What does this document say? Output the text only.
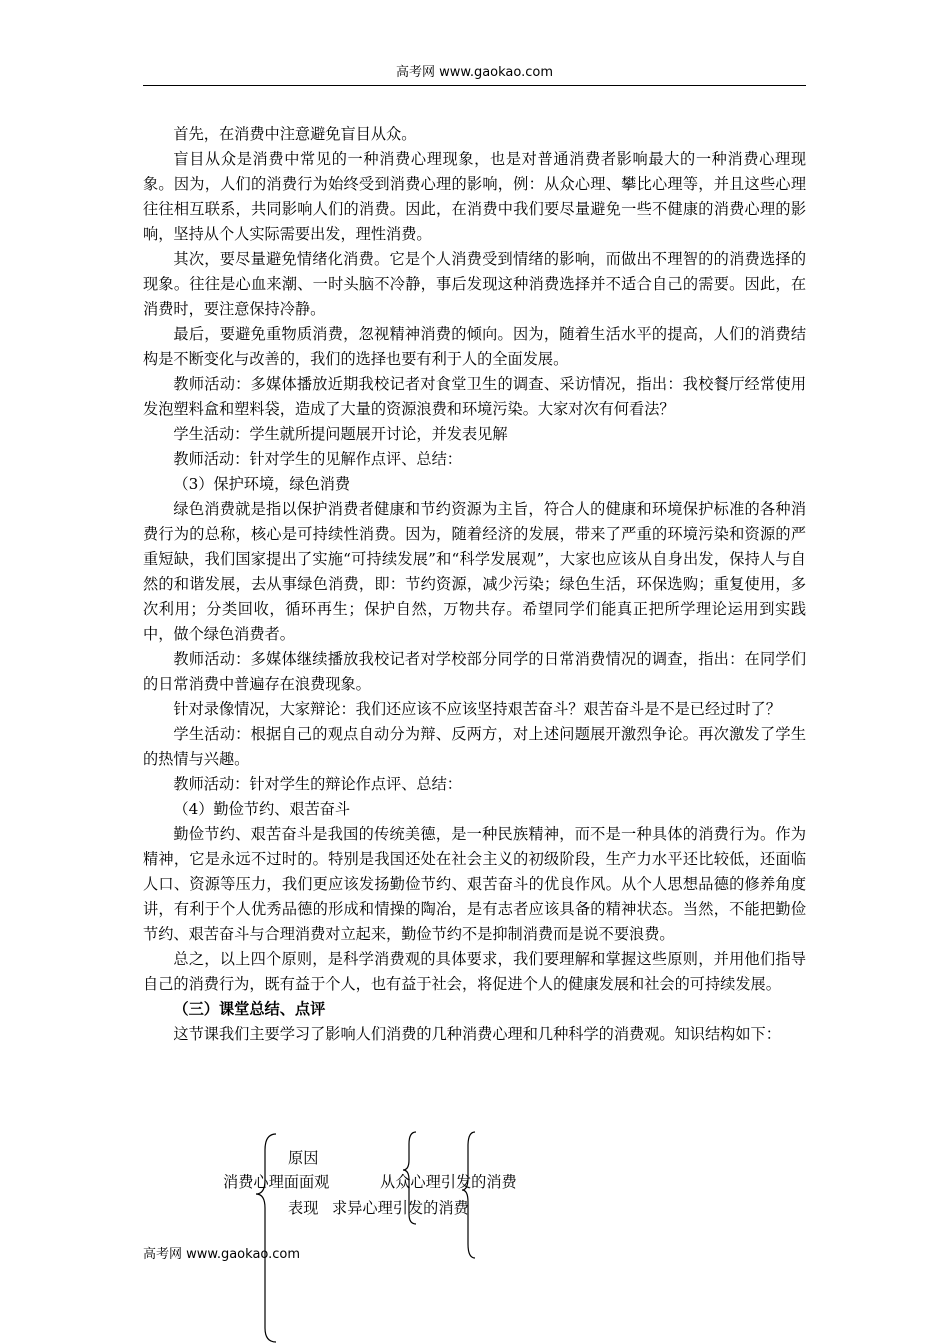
高考网 www.gaokao.com

首先，在消费中注意避免盲目从众。

盲目从众是消费中常见的一种消费心理现象，也是对普通消费者影响最大的一种消费心理现象。因为，人们的消费行为始终受到消费心理的影响，例：从众心理、攀比心理等，并且这些心理往往相互联系，共同影响人们的消费。因此，在消费中我们要尽量避免一些不健康的消费心理的影响，坚持从个人实际需要出发，理性消费。

其次，要尽量避免情绪化消费。它是个人消费受到情绪的影响，而做出不理智的的消费选择的现象。往往是心血来潮、一时头脑不冷静，事后发现这种消费选择并不适合自己的需要。因此，在消费时，要注意保持冷静。

最后，要避免重物质消费，忽视精神消费的倾向。因为，随着生活水平的提高，人们的消费结构是不断变化与改善的，我们的选择也要有利于人的全面发展。

教师活动：多媒体播放近期我校记者对食堂卫生的调查、采访情况，指出：我校餐厅经常使用发泡塑料盒和塑料袋，造成了大量的资源浪费和环境污染。大家对次有何看法？

学生活动：学生就所提问题展开讨论，并发表见解

教师活动：针对学生的见解作点评、总结：

（3）保护环境，绿色消费

绿色消费就是指以保护消费者健康和节约资源为主旨，符合人的健康和环境保护标准的各种消费行为的总称，核心是可持续性消费。因为，随着经济的发展，带来了严重的环境污染和资源的严重短缺，我们国家提出了实施“可持续发展”和“科学发展观”，大家也应该从自身出发，保持人与自然的和谐发展，去从事绿色消费，即：节约资源，减少污染；绿色生活，环保选购；重复使用，多次利用；分类回收，循环再生；保护自然，万物共存。希望同学们能真正把所学理论运用到实践中，做个绿色消费者。

教师活动：多媒体继续播放我校记者对学校部分同学的日常消费情况的调查，指出：在同学们的日常消费中普遍存在浪费现象。

针对录像情况，大家辩论：我们还应该不应该坚持艰苦奋斗？艰苦奋斗是不是已经过时了？

学生活动：根据自己的观点自动分为辩、反两方，对上述问题展开激烈争论。再次激发了学生的热情与兴趣。

教师活动：针对学生的辩论作点评、总结：

（4）勤俭节约、艰苦奋斗

勤俭节约、艰苦奋斗是我国的传统美德，是一种民族精神，而不是一种具体的消费行为。作为精神，它是永远不过时的。特别是我国还处在社会主义的初级阶段，生产力水平还比较低，还面临人口、资源等压力，我们更应该发扬勤俭节约、艰苦奋斗的优良作风。从个人思想品德的修养角度讲，有利于个人优秀品德的形成和情操的陶冶，是有志者应该具备的精神状态。当然，不能把勤俭节约、艰苦奋斗与合理消费对立起来，勤俭节约不是抑制消费而是说不要浪费。

总之，以上四个原则，是科学消费观的具体要求，我们要理解和掌握这些原则，并用他们指导自己的消费行为，既有益于个人，也有益于社会，将促进个人的健康发展和社会的可持续发展。

（三）课堂总结、点评

这节课我们主要学习了影响人们消费的几种消费心理和几种科学的消费观。知识结构如下：

原因
消费心理面面观	从众心理引发的消费
表现 求异心理引发的消费
高考网 www.gaokao.com
